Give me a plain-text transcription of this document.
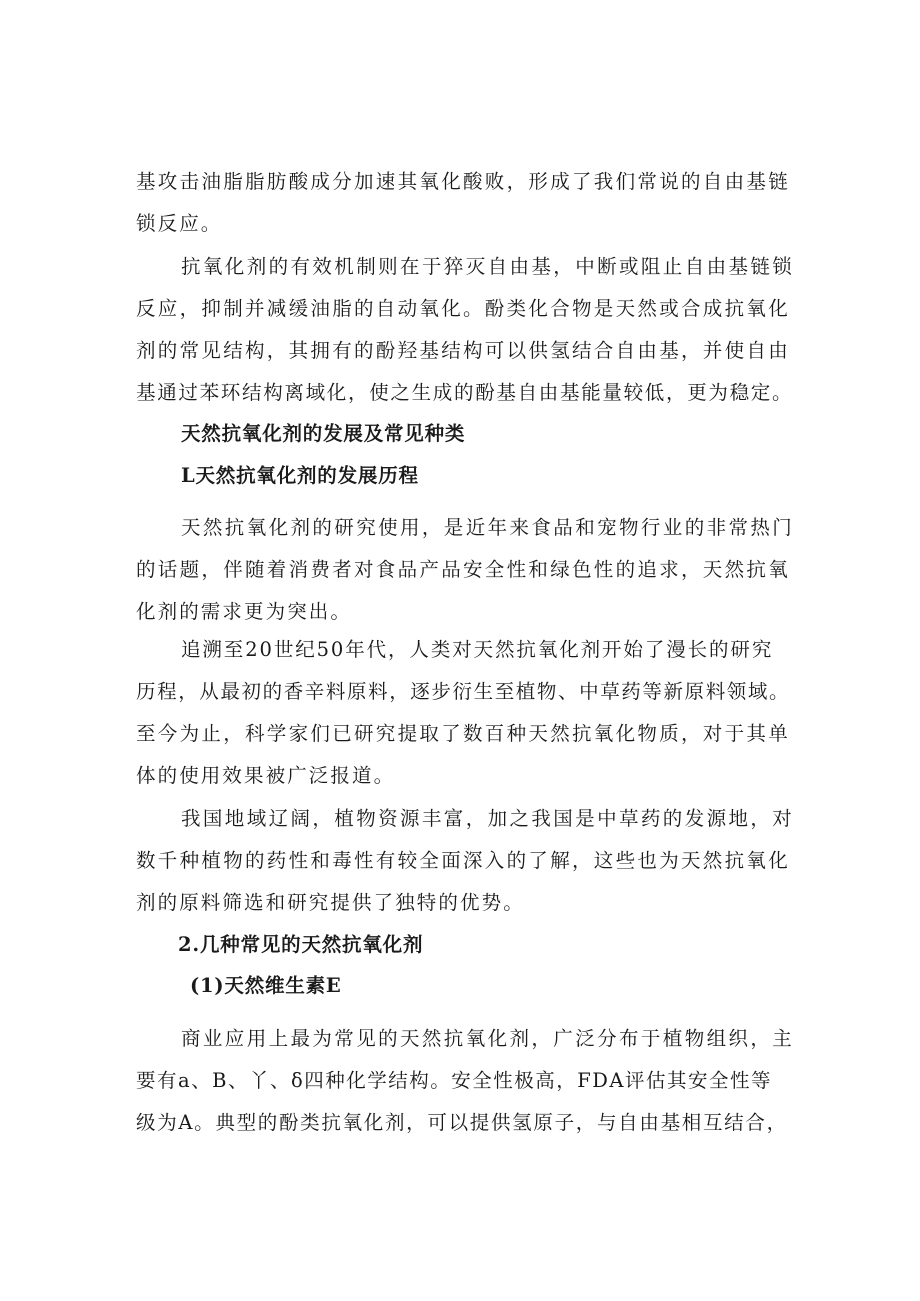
基攻击油脂脂肪酸成分加速其氧化酸败，形成了我们常说的自由基链
锁反应。
抗氧化剂的有效机制则在于猝灭自由基，中断或阻止自由基链锁
反应，抑制并减缓油脂的自动氧化。酚类化合物是天然或合成抗氧化
剂的常见结构，其拥有的酚羟基结构可以供氢结合自由基，并使自由
基通过苯环结构离域化，使之生成的酚基自由基能量较低，更为稳定。
天然抗氧化剂的发展及常见种类
L天然抗氧化剂的发展历程
天然抗氧化剂的研究使用，是近年来食品和宠物行业的非常热门
的话题，伴随着消费者对食品产品安全性和绿色性的追求，天然抗氧
化剂的需求更为突出。
追溯至20世纪50年代，人类对天然抗氧化剂开始了漫长的研究
历程，从最初的香辛料原料，逐步衍生至植物、中草药等新原料领域。
至今为止，科学家们已研究提取了数百种天然抗氧化物质，对于其单
体的使用效果被广泛报道。
我国地域辽阔，植物资源丰富，加之我国是中草药的发源地，对
数千种植物的药性和毒性有较全面深入的了解，这些也为天然抗氧化
剂的原料筛选和研究提供了独特的优势。
2.几种常见的天然抗氧化剂
(1)天然维生素E
商业应用上最为常见的天然抗氧化剂，广泛分布于植物组织，主
要有a、B、丫、δ四种化学结构。安全性极高，FDA评估其安全性等
级为A。典型的酚类抗氧化剂，可以提供氢原子，与自由基相互结合，
